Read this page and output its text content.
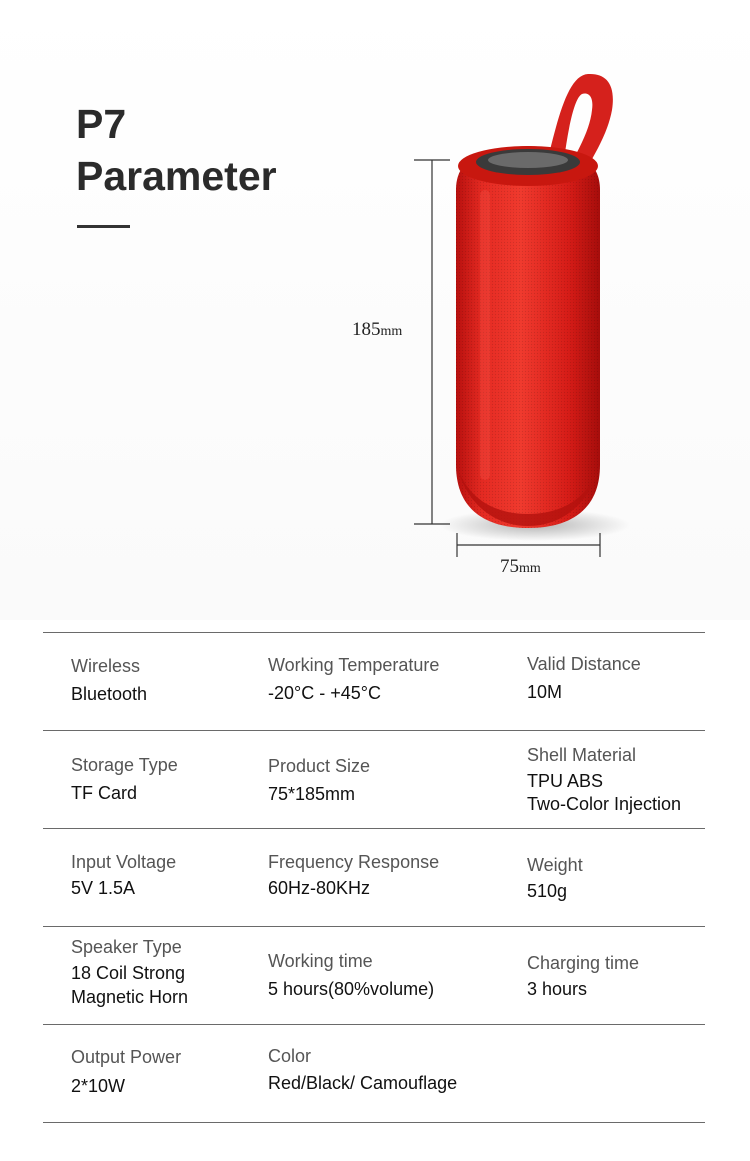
P7
Parameter
185mm
75mm
Wireless
Bluetooth
Working Temperature
-20°C - +45°C
Valid Distance
10M
Storage Type
TF Card
Product Size
75*185mm
Shell Material
TPU ABS
Two-Color Injection
Input Voltage
5V 1.5A
Frequency Response
60Hz-80KHz
Weight
510g
Speaker Type
18 Coil Strong
Magnetic Horn
Working time
5 hours(80%volume)
Charging time
3 hours
Output Power
2*10W
Color
Red/Black/ Camouflage
